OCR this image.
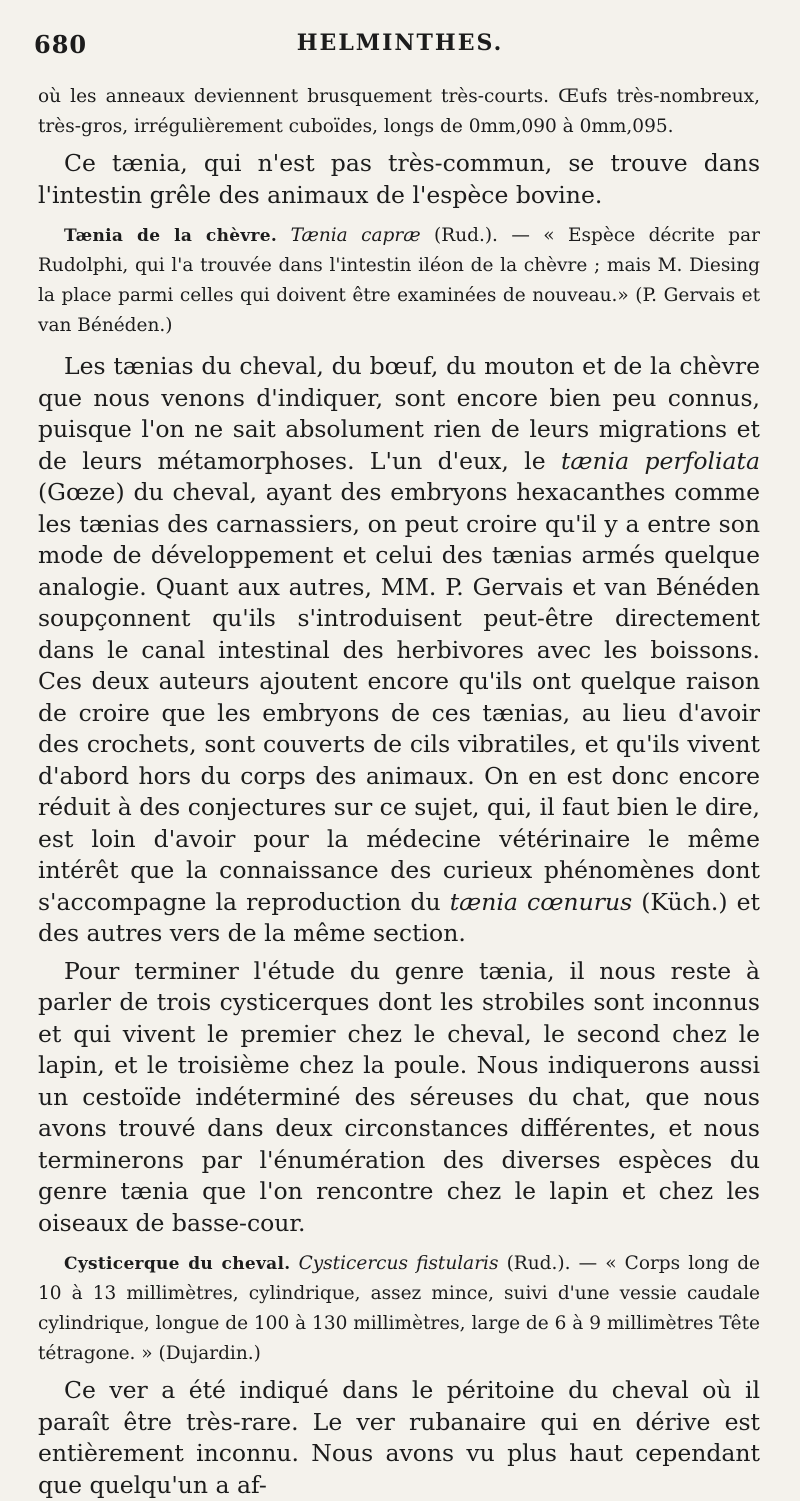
680	HELMINTHES.

où les anneaux deviennent brusquement très-courts. Œufs très-nombreux, très-gros, irrégulièrement cuboïdes, longs de 0mm,090 à 0mm,095.

Ce tænia, qui n'est pas très-commun, se trouve dans l'intestin grêle des animaux de l'espèce bovine.

Tænia de la chèvre. Tænia capræ (Rud.). — « Espèce décrite par Rudolphi, qui l'a trouvée dans l'intestin iléon de la chèvre ; mais M. Diesing la place parmi celles qui doivent être examinées de nouveau.» (P. Gervais et van Bénéden.)

Les tænias du cheval, du bœuf, du mouton et de la chèvre que nous venons d'indiquer, sont encore bien peu connus, puisque l'on ne sait absolument rien de leurs migrations et de leurs métamorphoses. L'un d'eux, le tænia perfoliata (Gœze) du cheval, ayant des embryons hexacanthes comme les tænias des carnassiers, on peut croire qu'il y a entre son mode de développement et celui des tænias armés quelque analogie. Quant aux autres, MM. P. Gervais et van Bénéden soupçonnent qu'ils s'introduisent peut-être directement dans le canal intestinal des herbivores avec les boissons. Ces deux auteurs ajoutent encore qu'ils ont quelque raison de croire que les embryons de ces tænias, au lieu d'avoir des crochets, sont couverts de cils vibratiles, et qu'ils vivent d'abord hors du corps des animaux. On en est donc encore réduit à des conjectures sur ce sujet, qui, il faut bien le dire, est loin d'avoir pour la médecine vétérinaire le même intérêt que la connaissance des curieux phénomènes dont s'accompagne la reproduction du tænia cœnurus (Küch.) et des autres vers de la même section.

Pour terminer l'étude du genre tænia, il nous reste à parler de trois cysticerques dont les strobiles sont inconnus et qui vivent le premier chez le cheval, le second chez le lapin, et le troisième chez la poule. Nous indiquerons aussi un cestoïde indéterminé des séreuses du chat, que nous avons trouvé dans deux circonstances différentes, et nous terminerons par l'énumération des diverses espèces du genre tænia que l'on rencontre chez le lapin et chez les oiseaux de basse-cour.

Cysticerque du cheval. Cysticercus fistularis (Rud.). — « Corps long de 10 à 13 millimètres, cylindrique, assez mince, suivi d'une vessie caudale cylindrique, longue de 100 à 130 millimètres, large de 6 à 9 millimètres Tête tétragone. » (Dujardin.)

Ce ver a été indiqué dans le péritoine du cheval où il paraît être très-rare. Le ver rubanaire qui en dérive est entièrement inconnu. Nous avons vu plus haut cependant que quelqu'un a af-
